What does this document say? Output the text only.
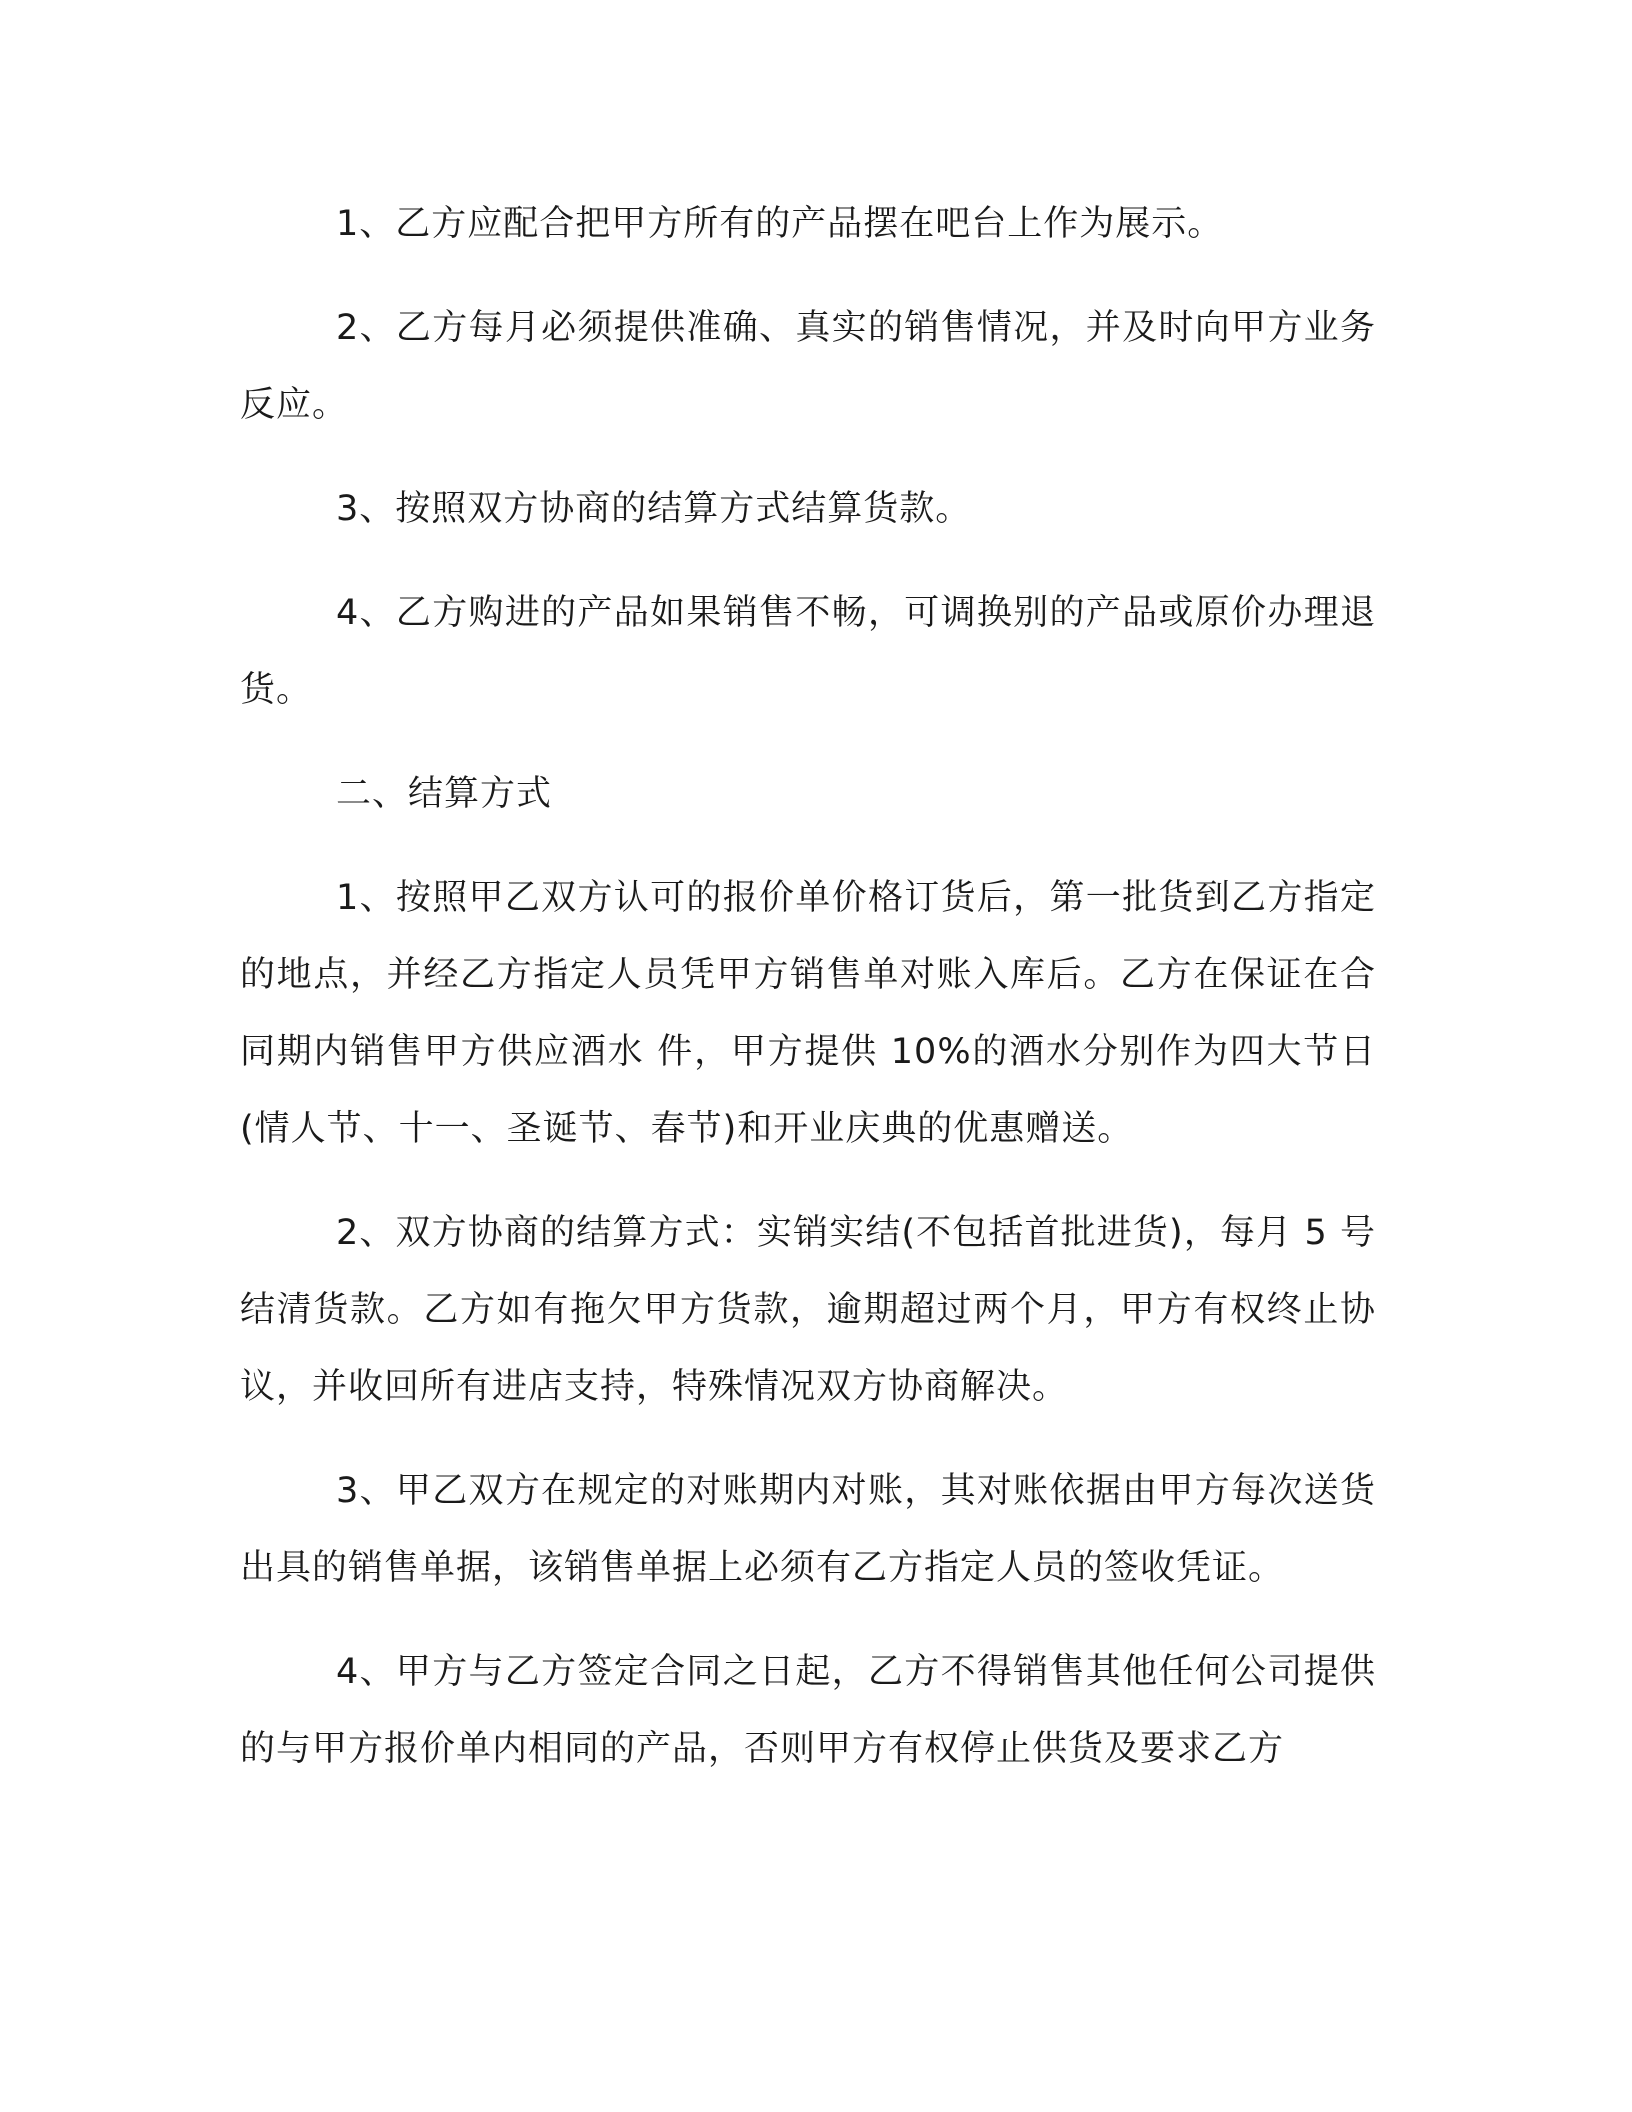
1、乙方应配合把甲方所有的产品摆在吧台上作为展示。

2、乙方每月必须提供准确、真实的销售情况，并及时向甲方业务反应。

3、按照双方协商的结算方式结算货款。

4、乙方购进的产品如果销售不畅，可调换别的产品或原价办理退货。

二、结算方式

1、按照甲乙双方认可的报价单价格订货后，第一批货到乙方指定的地点，并经乙方指定人员凭甲方销售单对账入库后。乙方在保证在合同期内销售甲方供应酒水 件，甲方提供 10%的酒水分别作为四大节日(情人节、十一、圣诞节、春节)和开业庆典的优惠赠送。

2、双方协商的结算方式：实销实结(不包括首批进货)，每月 5 号结清货款。乙方如有拖欠甲方货款，逾期超过两个月，甲方有权终止协议，并收回所有进店支持，特殊情况双方协商解决。

3、甲乙双方在规定的对账期内对账，其对账依据由甲方每次送货出具的销售单据，该销售单据上必须有乙方指定人员的签收凭证。

4、甲方与乙方签定合同之日起，乙方不得销售其他任何公司提供的与甲方报价单内相同的产品，否则甲方有权停止供货及要求乙方
